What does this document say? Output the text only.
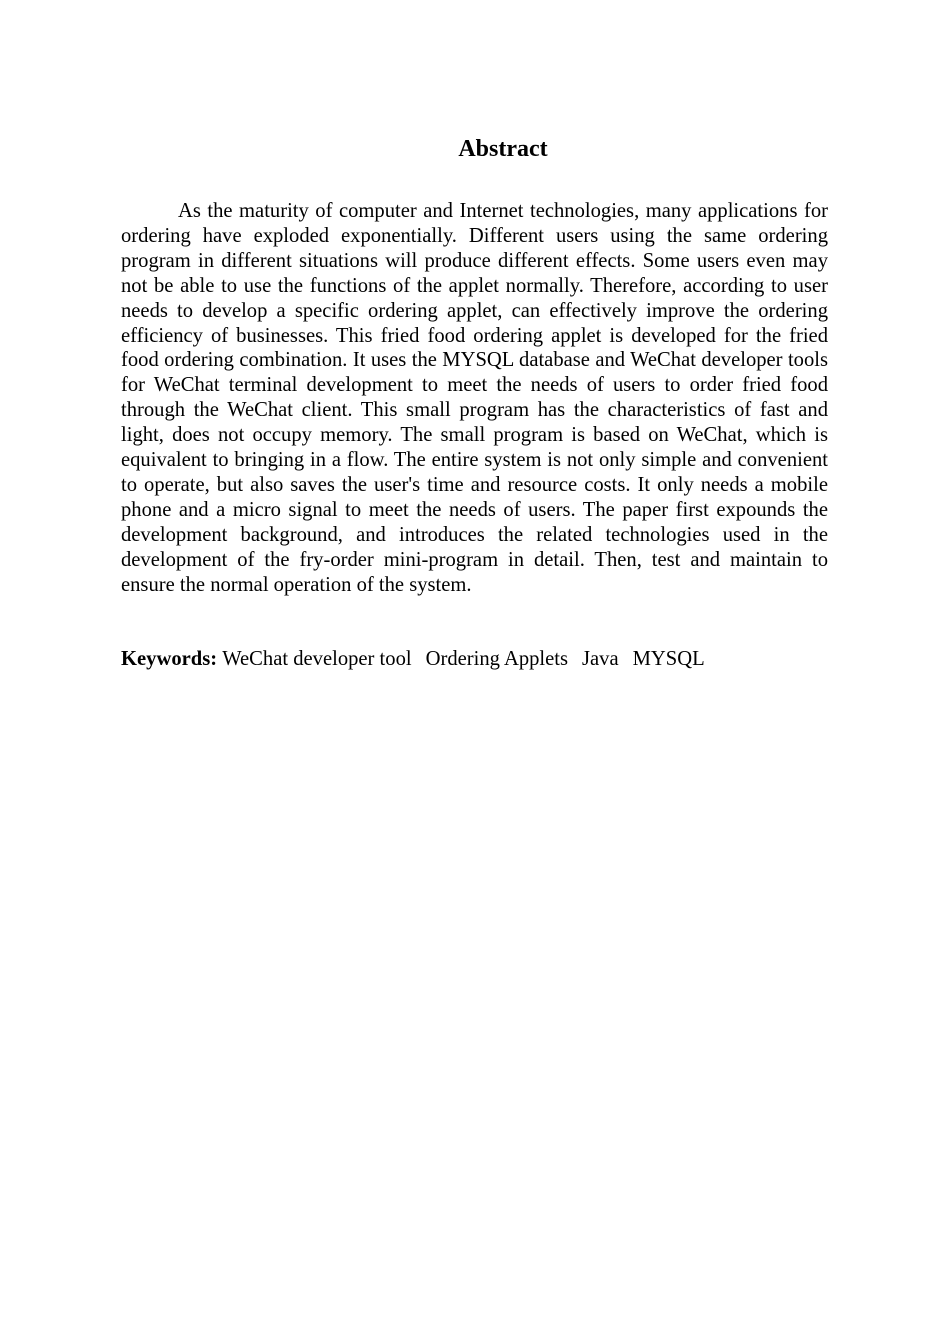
Abstract

As the maturity of computer and Internet technologies, many applications for ordering have exploded exponentially. Different users using the same ordering program in different situations will produce different effects. Some users even may not be able to use the functions of the applet normally. Therefore, according to user needs to develop a specific ordering applet, can effectively improve the ordering efficiency of businesses. This fried food ordering applet is developed for the fried food ordering combination. It uses the MYSQL database and WeChat developer tools for WeChat terminal development to meet the needs of users to order fried food through the WeChat client. This small program has the characteristics of fast and light, does not occupy memory. The small program is based on WeChat, which is equivalent to bringing in a flow. The entire system is not only simple and convenient to operate, but also saves the user's time and resource costs. It only needs a mobile phone and a micro signal to meet the needs of users. The paper first expounds the development background, and introduces the related technologies used in the development of the fry-order mini-program in detail. Then, test and maintain to ensure the normal operation of the system.

Keywords: WeChat developer tool Ordering Applets Java MYSQL
